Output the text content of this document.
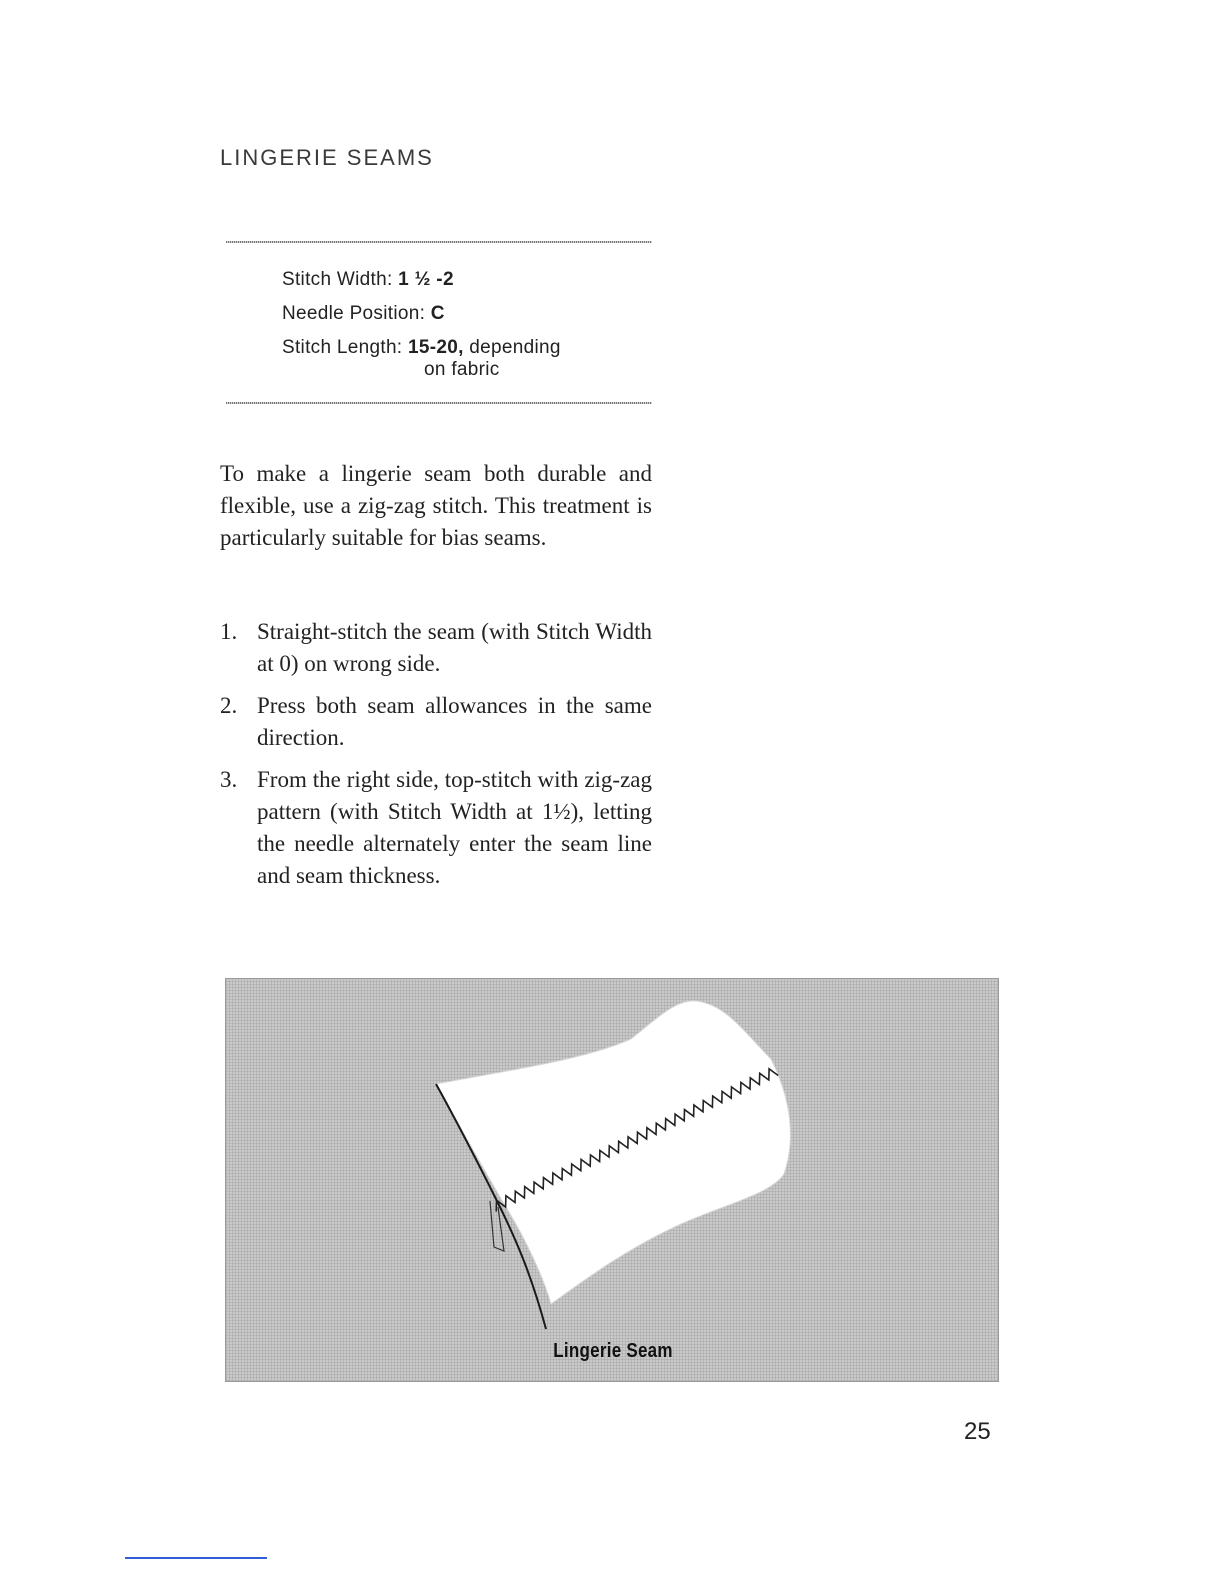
LINGERIE SEAMS
Stitch Width: 1 ½ -2
Needle Position: C
Stitch Length: 15-20, depending
on fabric

To make a lingerie seam both durable and flexible, use a zig-zag stitch. This treatment is particularly suitable for bias seams.

1. Straight-stitch the seam (with Stitch Width at 0) on wrong side.
2. Press both seam allowances in the same direction.
3. From the right side, top-stitch with zig-zag pattern (with Stitch Width at 1½), letting the needle alternately enter the seam line and seam thickness.
Lingerie Seam
25
